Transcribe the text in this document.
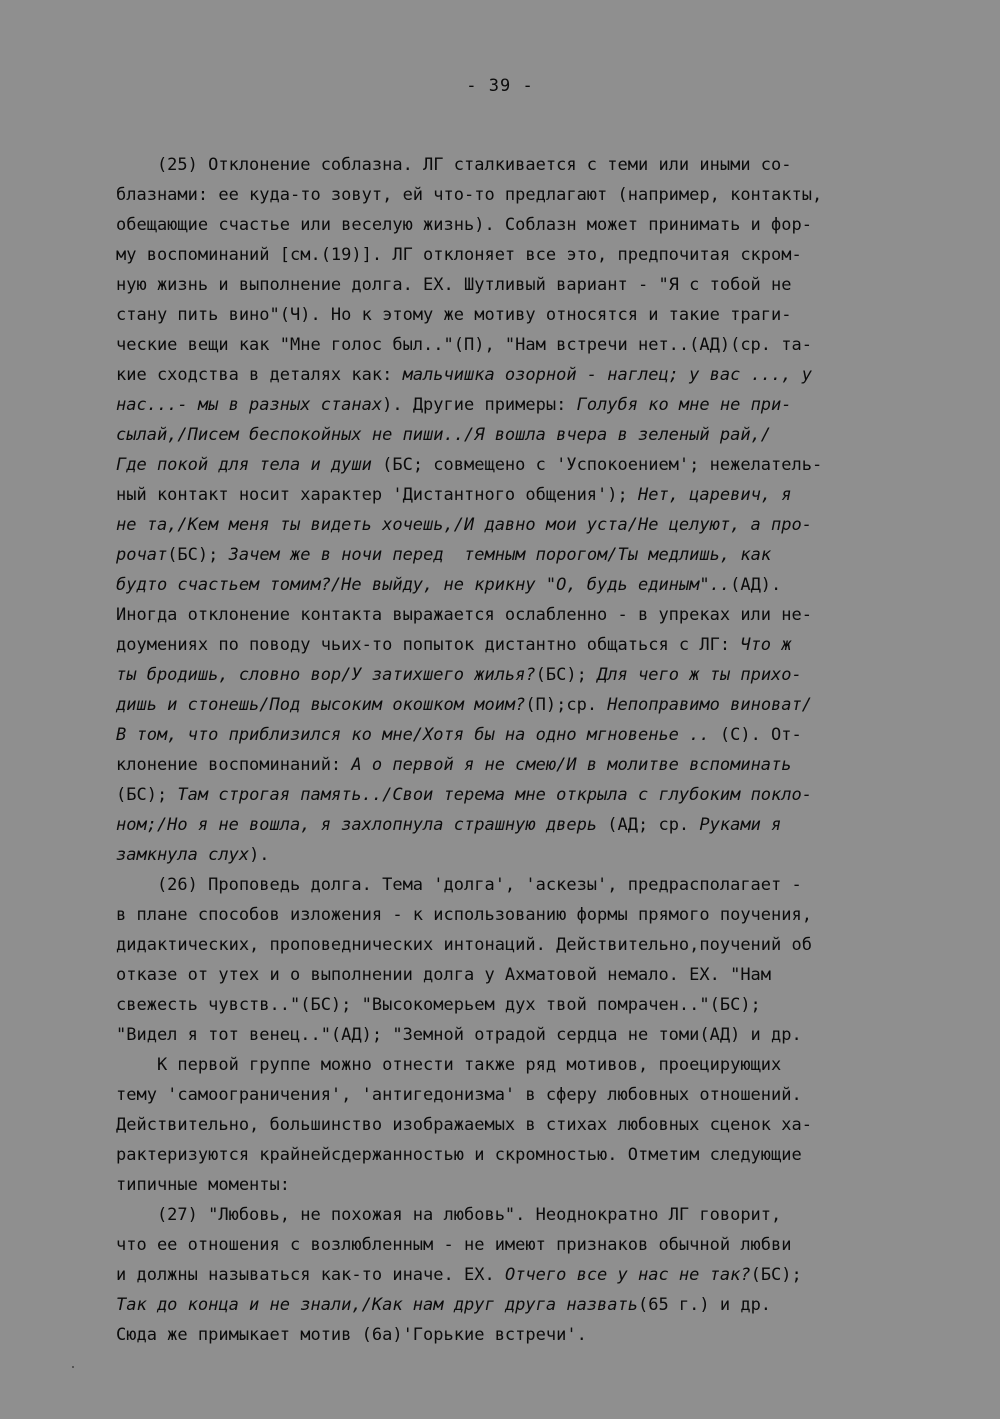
- 39 -
(25) Отклонение соблазна. ЛГ сталкивается с теми или иными со-
блазнами: ее куда-то зовут, ей что-то предлагают (например, контакты,
обещающие счастье или веселую жизнь). Соблазн может принимать и фор-
му воспоминаний [см.(19)]. ЛГ отклоняет все это, предпочитая скром-
ную жизнь и выполнение долга. ЕХ. Шутливый вариант - "Я с тобой не
стану пить вино"(Ч). Но к этому же мотиву относятся и такие траги-
ческие вещи как "Мне голос был.."(П), "Нам встречи нет..(АД)(ср. та-
кие сходства в деталях как: мальчишка озорной - наглец; у вас ..., у
нас...- мы в разных станах). Другие примеры: Голубя ко мне не при-
сылай,/Писем беспокойных не пиши../Я вошла вчера в зеленый рай,/
Где покой для тела и души (БС; совмещено с 'Успокоением'; нежелатель-
ный контакт носит характер 'Дистантного общения'); Нет, царевич, я
не та,/Кем меня ты видеть хочешь,/И давно мои уста/Не целуют, а про-
рочат(БС); Зачем же в ночи перед  темным порогом/Ты медлишь, как
будто счастьем томим?/Не выйду, не крикну "О, будь единым"..(АД).
Иногда отклонение контакта выражается ослабленно - в упреках или не-
доумениях по поводу чьих-то попыток дистантно общаться с ЛГ: Что ж
ты бродишь, словно вор/У затихшего жилья?(БС); Для чего ж ты прихо-
дишь и стонешь/Под высоким окошком моим?(П);ср. Непоправимо виноват/
В том, что приблизился ко мне/Хотя бы на одно мгновенье .. (С). От-
клонение воспоминаний: А о первой я не смею/И в молитве вспоминать
(БС); Там строгая память../Свои терема мне открыла с глубоким покло-
ном;/Но я не вошла, я захлопнула страшную дверь (АД; ср. Руками я
замкнула слух).
(26) Проповедь долга. Тема 'долга', 'аскезы', предрасполагает -
в плане способов изложения - к использованию формы прямого поучения,
дидактических, проповеднических интонаций. Действительно,поучений об
отказе от утех и о выполнении долга у Ахматовой немало. ЕХ. "Нам
свежесть чувств.."(БС); "Высокомерьем дух твой помрачен.."(БС);
"Видел я тот венец.."(АД); "Земной отрадой сердца не томи(АД) и др.
К первой группе можно отнести также ряд мотивов, проецирующих
тему 'самоограничения', 'антигедонизма' в сферу любовных отношений.
Действительно, большинство изображаемых в стихах любовных сценок ха-
рактеризуются крайнейсдержанностью и скромностью. Отметим следующие
типичные моменты:
(27) "Любовь, не похожая на любовь". Неоднократно ЛГ говорит,
что ее отношения с возлюбленным - не имеют признаков обычной любви
и должны называться как-то иначе. ЕХ. Отчего все у нас не так?(БС);
Так до конца и не знали,/Как нам друг друга назвать(65 г.) и др.
Сюда же примыкает мотив (6а)'Горькие встречи'.
